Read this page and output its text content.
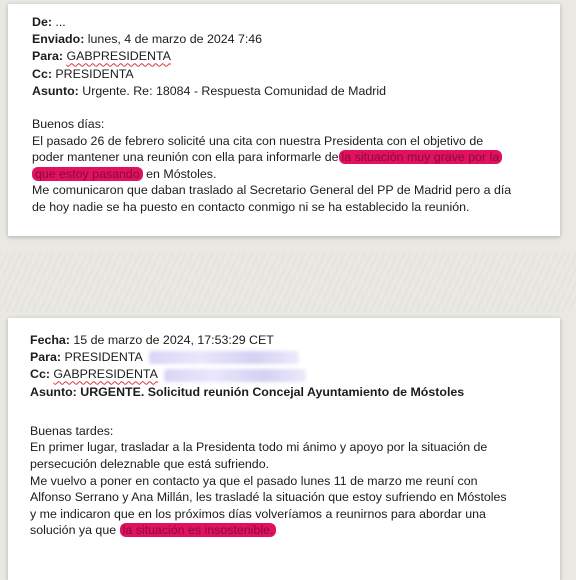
De: ...
Enviado: lunes, 4 de marzo de 2024 7:46
Para: GABPRESIDENTA
Cc: PRESIDENTA
Asunto: Urgente. Re: 18084 - Respuesta Comunidad de Madrid
Buenos días:
El pasado 26 de febrero solicité una cita con nuestra Presidenta con el objetivo de
poder mantener una reunión con ella para informarle de la situación muy grave por la
que estoy pasando en Móstoles.
Me comunicaron que daban traslado al Secretario General del PP de Madrid pero a día
de hoy nadie se ha puesto en contacto conmigo ni se ha establecido la reunión.
Fecha: 15 de marzo de 2024, 17:53:29 CET
Para: PRESIDENTA
Cc: GABPRESIDENTA
Asunto: URGENTE. Solicitud reunión Concejal Ayuntamiento de Móstoles
Buenas tardes:
En primer lugar, trasladar a la Presidenta todo mi ánimo y apoyo por la situación de
persecución deleznable que está sufriendo.
Me vuelvo a poner en contacto ya que el pasado lunes 11 de marzo me reuní con
Alfonso Serrano y Ana Millán, les trasladé la situación que estoy sufriendo en Móstoles
y me indicaron que en los próximos días volveríamos a reunirnos para abordar una
solución ya que la situación es insostenible.
